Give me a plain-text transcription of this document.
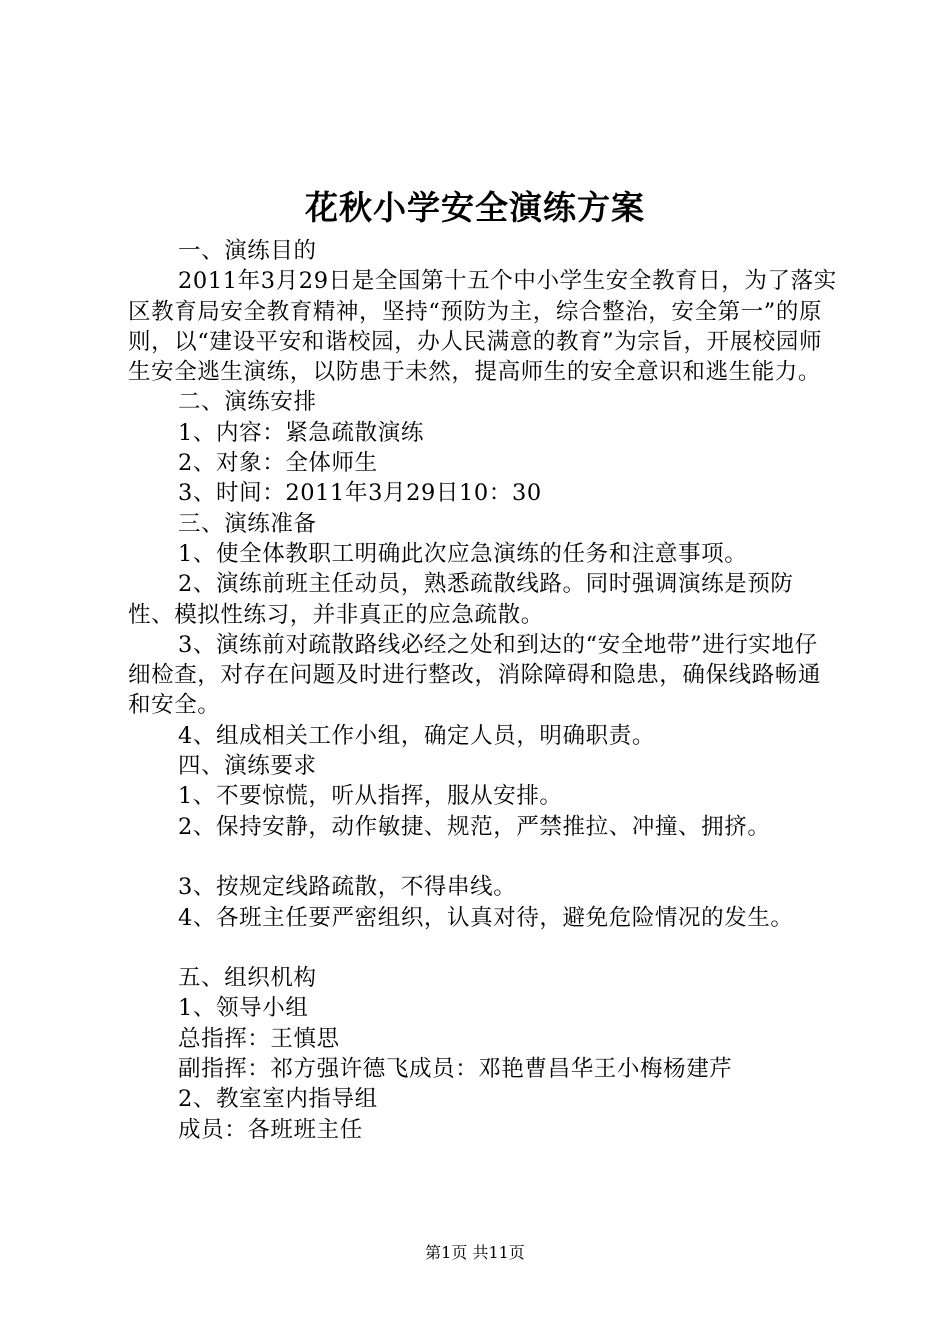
花秋小学安全演练方案

一、演练目的

2011年3月29日是全国第十五个中小学生安全教育日，为了落实区教育局安全教育精神，坚持“预防为主，综合整治，安全第一”的原则，以“建设平安和谐校园，办人民满意的教育”为宗旨，开展校园师生安全逃生演练，以防患于未然，提高师生的安全意识和逃生能力。

二、演练安排

1、内容：紧急疏散演练

2、对象：全体师生

3、时间：2011年3月29日10：30

三、演练准备

1、使全体教职工明确此次应急演练的任务和注意事项。

2、演练前班主任动员，熟悉疏散线路。同时强调演练是预防性、模拟性练习，并非真正的应急疏散。

3、演练前对疏散路线必经之处和到达的“安全地带”进行实地仔细检查，对存在问题及时进行整改，消除障碍和隐患，确保线路畅通和安全。

4、组成相关工作小组，确定人员，明确职责。

四、演练要求

1、不要惊慌，听从指挥，服从安排。

2、保持安静，动作敏捷、规范，严禁推拉、冲撞、拥挤。

3、按规定线路疏散，不得串线。

4、各班主任要严密组织，认真对待，避免危险情况的发生。

五、组织机构

1、领导小组

总指挥：王慎思

副指挥：祁方强许德飞成员：邓艳曹昌华王小梅杨建芹

2、教室室内指导组

成员：各班班主任

第1页 共11页
